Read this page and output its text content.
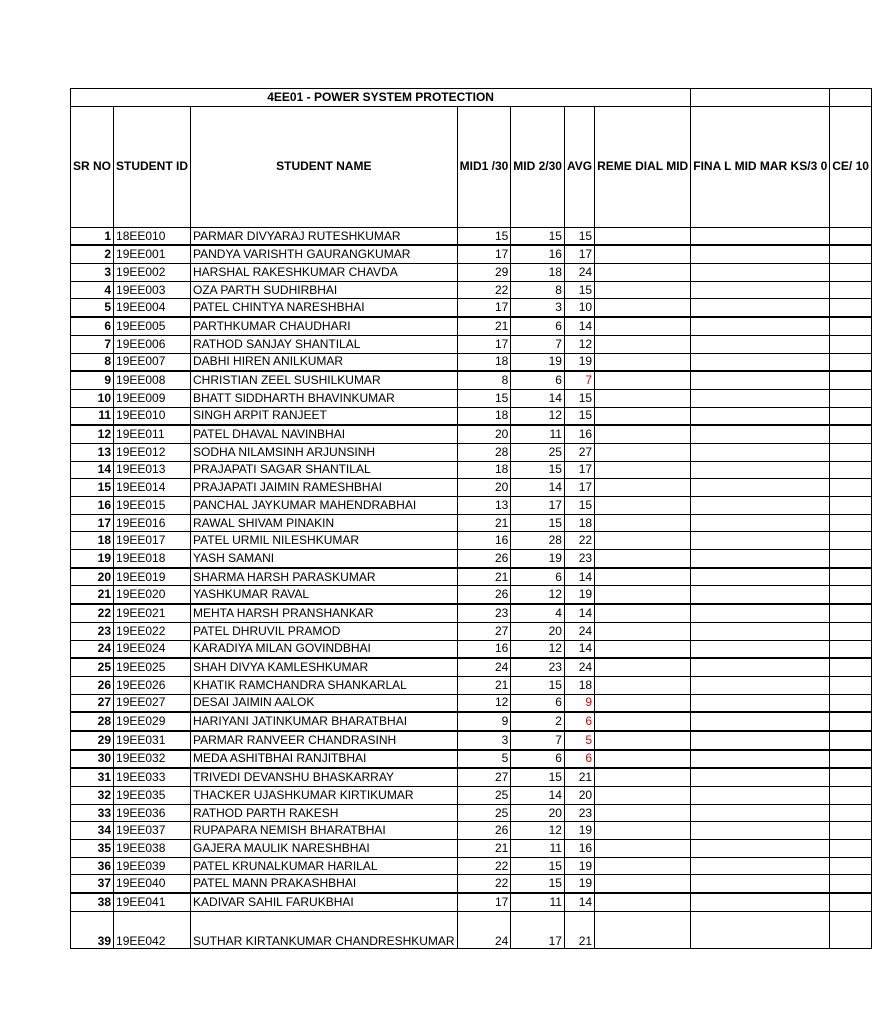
4EE01 - POWER SYSTEM PROTECTION								
SR NO	STUDENT ID	STUDENT NAME	MID1 /30	MID 2/30	AVG	REME DIAL MID	FINA L MID MAR KS/3 0	CE/ 10
1	18EE010	PARMAR DIVYARAJ RUTESHKUMAR	15	15	15			
2	19EE001	PANDYA VARISHTH GAURANGKUMAR	17	16	17			
3	19EE002	HARSHAL RAKESHKUMAR CHAVDA	29	18	24			
4	19EE003	OZA PARTH SUDHIRBHAI	22	8	15			
5	19EE004	PATEL CHINTYA NARESHBHAI	17	3	10			
6	19EE005	PARTHKUMAR CHAUDHARI	21	6	14			
7	19EE006	RATHOD SANJAY SHANTILAL	17	7	12			
8	19EE007	DABHI HIREN ANILKUMAR	18	19	19			
9	19EE008	CHRISTIAN ZEEL SUSHILKUMAR	8	6	7			
10	19EE009	BHATT SIDDHARTH BHAVINKUMAR	15	14	15			
11	19EE010	SINGH ARPIT RANJEET	18	12	15			
12	19EE011	PATEL DHAVAL NAVINBHAI	20	11	16			
13	19EE012	SODHA NILAMSINH ARJUNSINH	28	25	27			
14	19EE013	PRAJAPATI SAGAR SHANTILAL	18	15	17			
15	19EE014	PRAJAPATI JAIMIN RAMESHBHAI	20	14	17			
16	19EE015	PANCHAL JAYKUMAR MAHENDRABHAI	13	17	15			
17	19EE016	RAWAL SHIVAM PINAKIN	21	15	18			
18	19EE017	PATEL URMIL NILESHKUMAR	16	28	22			
19	19EE018	YASH SAMANI	26	19	23			
20	19EE019	SHARMA HARSH PARASKUMAR	21	6	14			
21	19EE020	YASHKUMAR RAVAL	26	12	19			
22	19EE021	MEHTA HARSH PRANSHANKAR	23	4	14			
23	19EE022	PATEL DHRUVIL PRAMOD	27	20	24			
24	19EE024	KARADIYA MILAN GOVINDBHAI	16	12	14			
25	19EE025	SHAH DIVYA KAMLESHKUMAR	24	23	24			
26	19EE026	KHATIK RAMCHANDRA SHANKARLAL	21	15	18			
27	19EE027	DESAI JAIMIN AALOK	12	6	9			
28	19EE029	HARIYANI JATINKUMAR BHARATBHAI	9	2	6			
29	19EE031	PARMAR RANVEER CHANDRASINH	3	7	5			
30	19EE032	MEDA ASHITBHAI RANJITBHAI	5	6	6			
31	19EE033	TRIVEDI DEVANSHU BHASKARRAY	27	15	21			
32	19EE035	THACKER UJASHKUMAR KIRTIKUMAR	25	14	20			
33	19EE036	RATHOD PARTH RAKESH	25	20	23			
34	19EE037	RUPAPARA NEMISH BHARATBHAI	26	12	19			
35	19EE038	GAJERA MAULIK NARESHBHAI	21	11	16			
36	19EE039	PATEL KRUNALKUMAR HARILAL	22	15	19			
37	19EE040	PATEL MANN PRAKASHBHAI	22	15	19			
38	19EE041	KADIVAR SAHIL FARUKBHAI	17	11	14			
39	19EE042	SUTHAR KIRTANKUMAR CHANDRESHKUMAR	24	17	21			
